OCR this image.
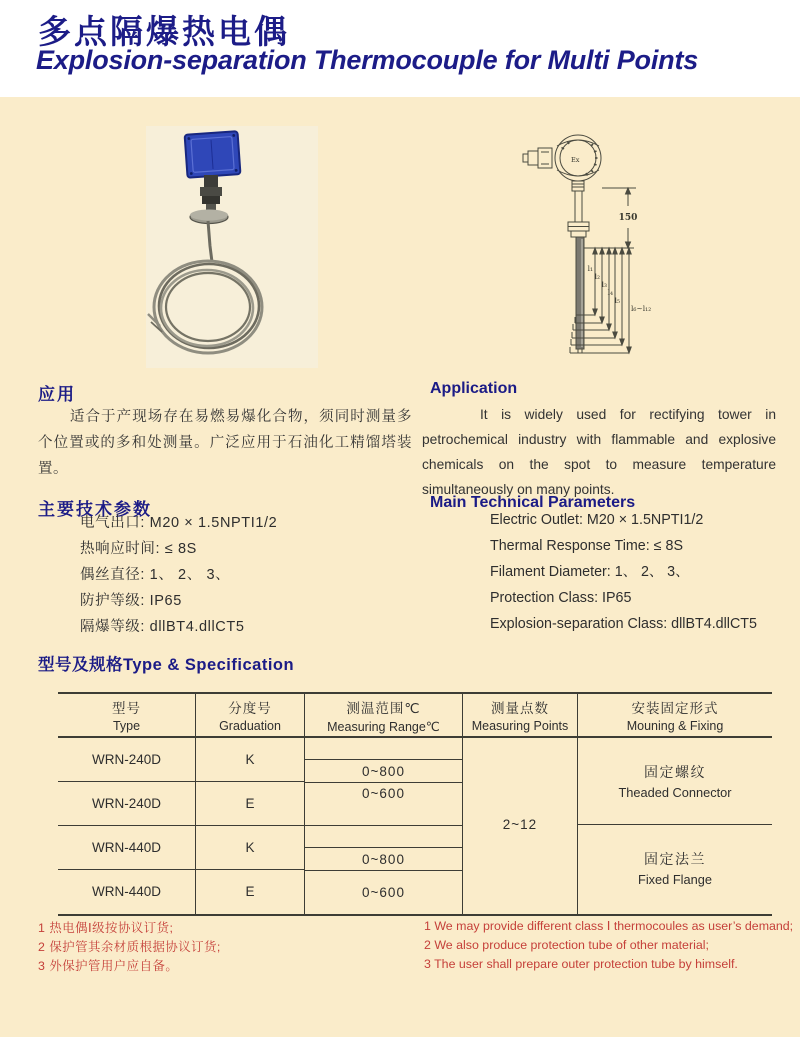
多点隔爆热电偶
Explosion-separation Thermocouple for Multi Points
Ex
150
l₁
l₂
l₃
l₄
l₅
l₆~l₁₂
应用
适合于产现场存在易燃易爆化合物，须同时测量多个位置或的多和处测量。广泛应用于石油化工精馏塔装置。
Application
It is widely used for rectifying tower in petrochemical industry with flammable and explosive chemicals on the spot to measure temperature simultaneously on many points.
主要技术参数
电气出口: M20 × 1.5NPTI1/2
热响应时间: ≤ 8S
偶丝直径: 1、 2、 3、
防护等级: IP65
隔爆等级: dllBT4.dllCT5
Main Technical Parameters
Electric Outlet: M20 × 1.5NPTI1/2
Thermal Response Time: ≤ 8S
Filament Diameter: 1、 2、 3、
Protection Class: IP65
Explosion-separation Class: dllBT4.dllCT5
型号及规格Type & Specification
型号
Type
WRN-240D
WRN-240D
WRN-440D
WRN-440D
分度号
Graduation
K
E
K
E
测温范围℃
Measuring Range℃
0~800
0~600
0~800
0~600
测量点数
Measuring Points
2~12
安装固定形式
Mouning & Fixing
固定螺纹
Theaded Connector
固定法兰
Fixed Flange
1 热电偶Ⅰ级按协议订货;
2 保护管其余材质根据协议订货;
3 外保护管用户应自备。
1 We may provide different class Ⅰ thermocoules as user’s demand;
2 We also produce protection tube of other material;
3 The user shall prepare outer protection tube by himself.
